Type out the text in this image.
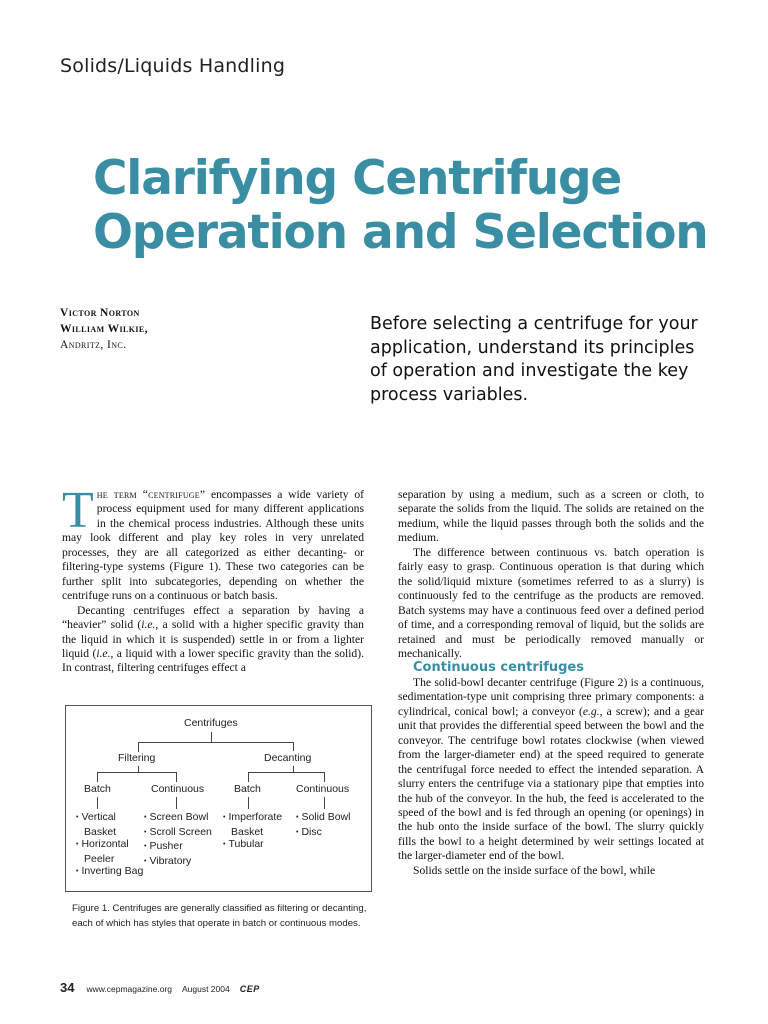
Solids/Liquids Handling
Clarifying Centrifuge
Operation and Selection
Victor Norton
William Wilkie,
Andritz, Inc.
Before selecting a centrifuge for your application, understand its principles of operation and investigate the key process variables.

The term “centrifuge” encompasses a wide variety of process equipment used for many different applications in the chemical process industries. Although these units may look different and play key roles in very unrelated processes, they are all categorized as either decanting- or filtering-type systems (Figure 1). These two categories can be further split into subcategories, depending on whether the centrifuge runs on a continuous or batch basis.

Decanting centrifuges effect a separation by having a “heavier” solid (i.e., a solid with a higher specific gravity than the liquid in which it is suspended) settle in or from a lighter liquid (i.e., a liquid with a lower specific gravity than the solid). In contrast, filtering centrifuges effect a

separation by using a medium, such as a screen or cloth, to separate the solids from the liquid. The solids are retained on the medium, while the liquid passes through both the solids and the medium.

The difference between continuous vs. batch operation is fairly easy to grasp. Continuous operation is that during which the solid/liquid mixture (sometimes referred to as a slurry) is continuously fed to the centrifuge as the products are removed. Batch systems may have a continuous feed over a defined period of time, and a corresponding removal of liquid, but the solids are retained and must be periodically removed manually or mechanically.

Continuous centrifuges

The solid-bowl decanter centrifuge (Figure 2) is a continuous, sedimentation-type unit comprising three primary components: a cylindrical, conical bowl; a conveyor (e.g., a screw); and a gear unit that provides the differential speed between the bowl and the conveyor. The centrifuge bowl rotates clockwise (when viewed from the larger-diameter end) at the speed required to generate the centrifugal force needed to effect the intended separation. A slurry enters the centrifuge via a stationary pipe that empties into the hub of the conveyor. In the hub, the feed is accelerated to the speed of the bowl and is fed through an opening (or openings) in the hub onto the inside surface of the bowl. The slurry quickly fills the bowl to a height determined by weir settings located at the larger-diameter end of the bowl.

Solids settle on the inside surface of the bowl, while

Centrifuges
Filtering	Decanting
Batch	Continuous	Batch	Continuous
• Vertical Basket
• Horizontal Peeler
• Inverting Bag
• Screen Bowl
• Scroll Screen
• Pusher
• Vibratory
• Imperforate Basket
• Tubular
• Solid Bowl
• Disc
Figure 1. Centrifuges are generally classified as filtering or decanting, each of which has styles that operate in batch or continuous modes.
34 www.cepmagazine.org August 2004 CEP
